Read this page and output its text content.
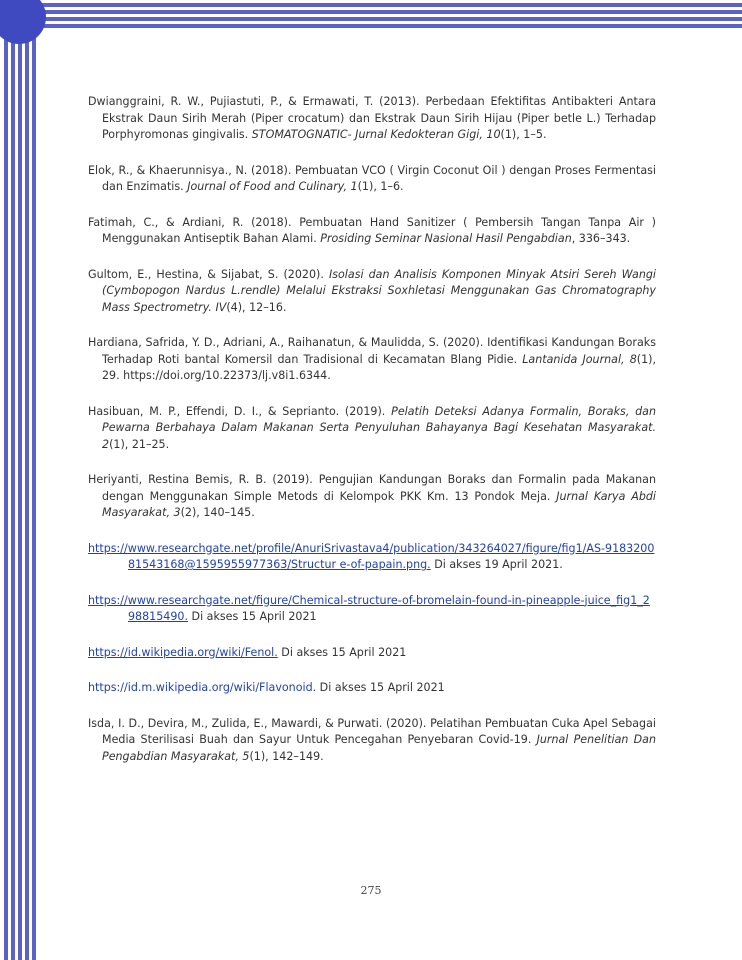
Dwianggraini, R. W., Pujiastuti, P., & Ermawati, T. (2013). Perbedaan Efektifitas Antibakteri Antara Ekstrak Daun Sirih Merah (Piper crocatum) dan Ekstrak Daun Sirih Hijau (Piper betle L.) Terhadap Porphyromonas gingivalis. STOMATOGNATIC- Jurnal Kedokteran Gigi, 10(1), 1–5.

Elok, R., & Khaerunnisya., N. (2018). Pembuatan VCO ( Virgin Coconut Oil ) dengan Proses Fermentasi dan Enzimatis. Journal of Food and Culinary, 1(1), 1–6.

Fatimah, C., & Ardiani, R. (2018). Pembuatan Hand Sanitizer ( Pembersih Tangan Tanpa Air ) Menggunakan Antiseptik Bahan Alami. Prosiding Seminar Nasional Hasil Pengabdian, 336–343.

Gultom, E., Hestina, & Sijabat, S. (2020). Isolasi dan Analisis Komponen Minyak Atsiri Sereh Wangi (Cymbopogon Nardus L.rendle) Melalui Ekstraksi Soxhletasi Menggunakan Gas Chromatography Mass Spectrometry. IV(4), 12–16.

Hardiana, Safrida, Y. D., Adriani, A., Raihanatun, & Maulidda, S. (2020). Identifikasi Kandungan Boraks Terhadap Roti bantal Komersil dan Tradisional di Kecamatan Blang Pidie. Lantanida Journal, 8(1), 29. https://doi.org/10.22373/lj.v8i1.6344.

Hasibuan, M. P., Effendi, D. I., & Seprianto. (2019). Pelatih Deteksi Adanya Formalin, Boraks, dan Pewarna Berbahaya Dalam Makanan Serta Penyuluhan Bahayanya Bagi Kesehatan Masyarakat. 2(1), 21–25.

Heriyanti, Restina Bemis, R. B. (2019). Pengujian Kandungan Boraks dan Formalin pada Makanan dengan Menggunakan Simple Metods di Kelompok PKK Km. 13 Pondok Meja. Jurnal Karya Abdi Masyarakat, 3(2), 140–145.

https://www.researchgate.net/profile/AnuriSrivastava4/publication/343264027/figure/fig1/AS-918320081543168@1595955977363/Structur e-of-papain.png. Di akses 19 April 2021.

https://www.researchgate.net/figure/Chemical-structure-of-bromelain-found-in-pineapple-juice_fig1_298815490. Di akses 15 April 2021

https://id.wikipedia.org/wiki/Fenol. Di akses 15 April 2021

https://id.m.wikipedia.org/wiki/Flavonoid. Di akses 15 April 2021

Isda, I. D., Devira, M., Zulida, E., Mawardi, & Purwati. (2020). Pelatihan Pembuatan Cuka Apel Sebagai Media Sterilisasi Buah dan Sayur Untuk Pencegahan Penyebaran Covid-19. Jurnal Penelitian Dan Pengabdian Masyarakat, 5(1), 142–149.

275
